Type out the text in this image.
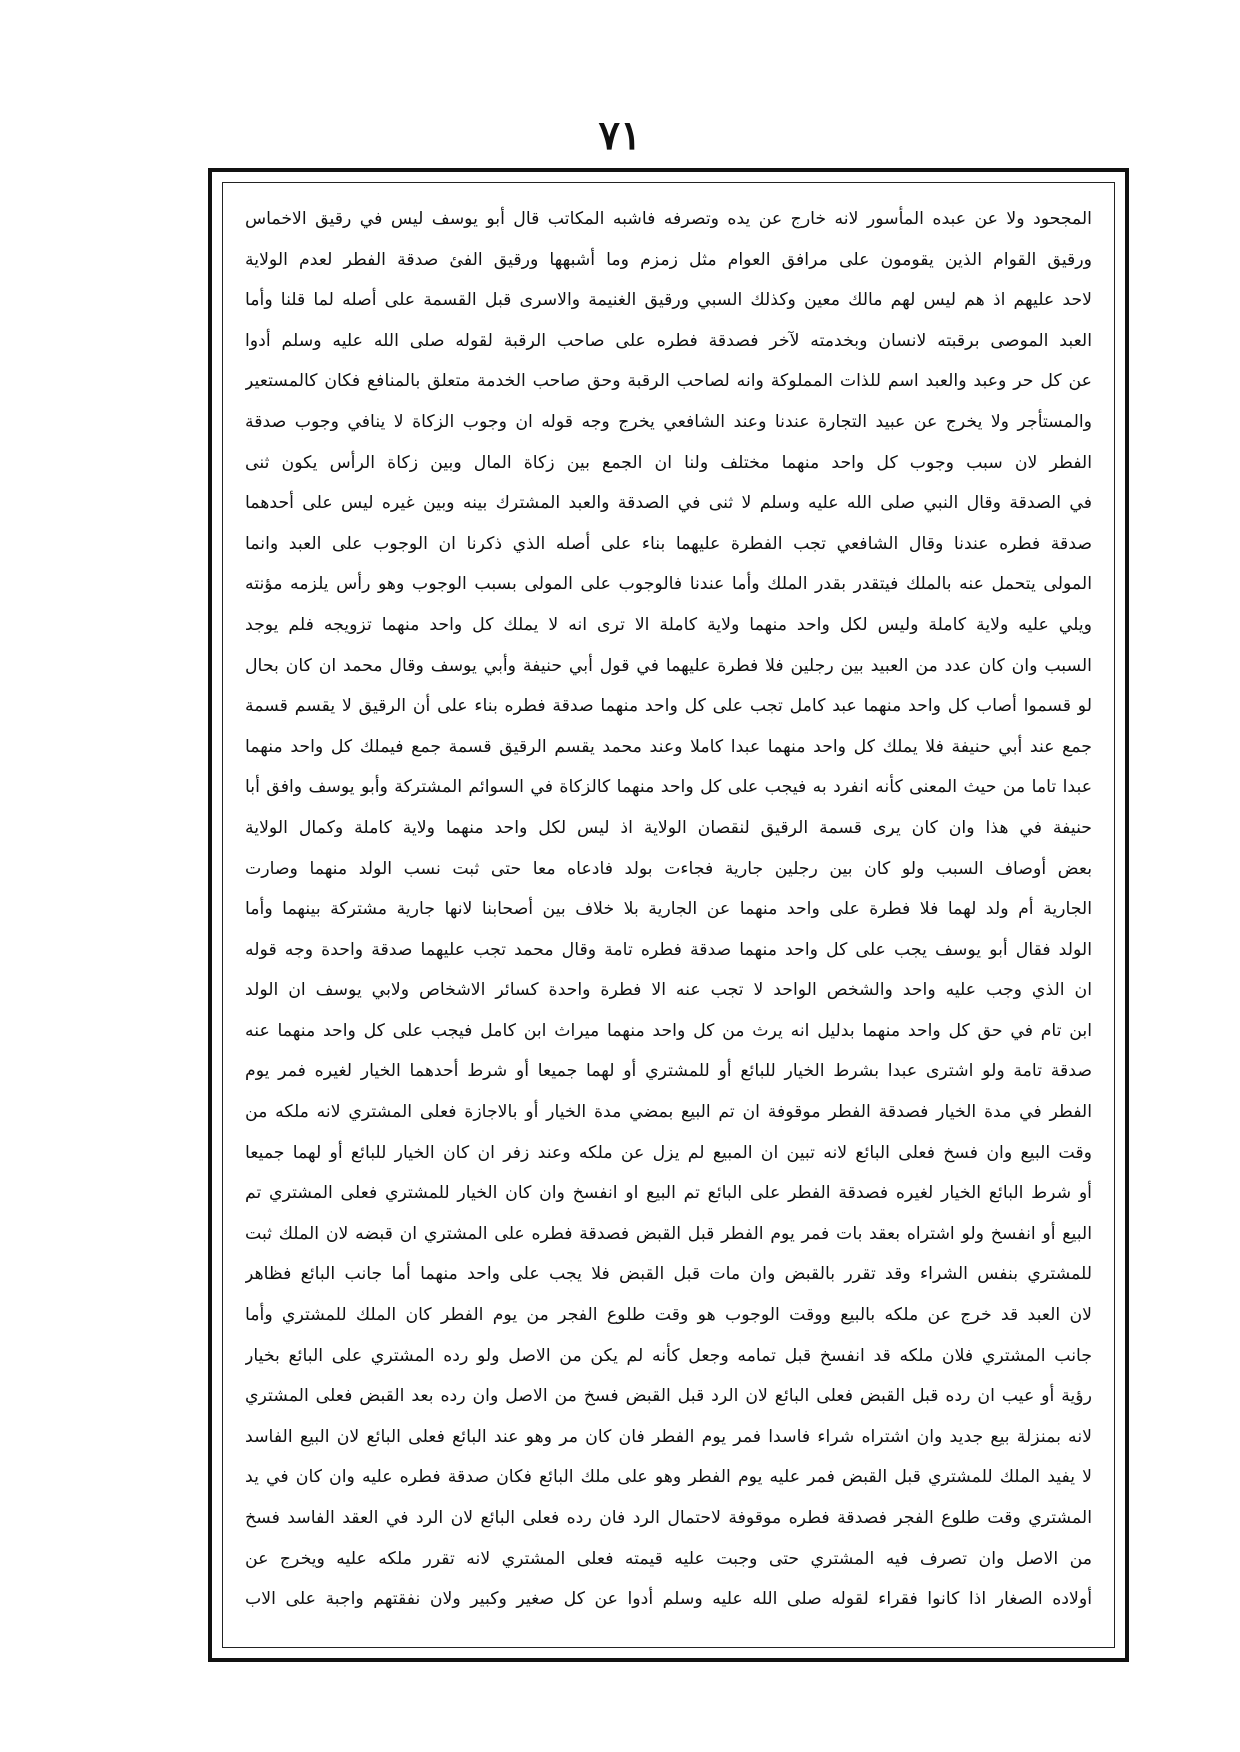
٧١
المجحود ولا عن عبده المأسور لانه خارج عن يده وتصرفه فاشبه المكاتب قال أبو يوسف ليس في رقيق الاخماس
ورقيق القوام الذين يقومون على مرافق العوام مثل زمزم وما أشبهها ورقيق الفئ صدقة الفطر لعدم الولاية
لاحد عليهم اذ هم ليس لهم مالك معين وكذلك السبي ورقيق الغنيمة والاسرى قبل القسمة على أصله لما قلنا وأما
العبد الموصى برقبته لانسان وبخدمته لآخر فصدقة فطره على صاحب الرقبة لقوله صلى الله عليه وسلم أدوا
عن كل حر وعبد والعبد اسم للذات المملوكة وانه لصاحب الرقبة وحق صاحب الخدمة متعلق بالمنافع فكان كالمستعير
والمستأجر ولا يخرج عن عبيد التجارة عندنا وعند الشافعي يخرج وجه قوله ان وجوب الزكاة لا ينافي وجوب صدقة
الفطر لان سبب وجوب كل واحد منهما مختلف ولنا ان الجمع بين زكاة المال وبين زكاة الرأس يكون ثنى
في الصدقة وقال النبي صلى الله عليه وسلم لا ثنى في الصدقة والعبد المشترك بينه وبين غيره ليس على أحدهما
صدقة فطره عندنا وقال الشافعي تجب الفطرة عليهما بناء على أصله الذي ذكرنا ان الوجوب على العبد وانما
المولى يتحمل عنه بالملك فيتقدر بقدر الملك وأما عندنا فالوجوب على المولى بسبب الوجوب وهو رأس يلزمه مؤنته
ويلي عليه ولاية كاملة وليس لكل واحد منهما ولاية كاملة الا ترى انه لا يملك كل واحد منهما تزويجه فلم يوجد
السبب وان كان عدد من العبيد بين رجلين فلا فطرة عليهما في قول أبي حنيفة وأبي يوسف وقال محمد ان كان بحال
لو قسموا أصاب كل واحد منهما عبد كامل تجب على كل واحد منهما صدقة فطره بناء على أن الرقيق لا يقسم قسمة
جمع عند أبي حنيفة فلا يملك كل واحد منهما عبدا كاملا وعند محمد يقسم الرقيق قسمة جمع فيملك كل واحد منهما
عبدا تاما من حيث المعنى كأنه انفرد به فيجب على كل واحد منهما كالزكاة في السوائم المشتركة وأبو يوسف وافق أبا
حنيفة في هذا وان كان يرى قسمة الرقيق لنقصان الولاية اذ ليس لكل واحد منهما ولاية كاملة وكمال الولاية
بعض أوصاف السبب ولو كان بين رجلين جارية فجاءت بولد فادعاه معا حتى ثبت نسب الولد منهما وصارت
الجارية أم ولد لهما فلا فطرة على واحد منهما عن الجارية بلا خلاف بين أصحابنا لانها جارية مشتركة بينهما وأما
الولد فقال أبو يوسف يجب على كل واحد منهما صدقة فطره تامة وقال محمد تجب عليهما صدقة واحدة وجه قوله
ان الذي وجب عليه واحد والشخص الواحد لا تجب عنه الا فطرة واحدة كسائر الاشخاص ولابي يوسف ان الولد
ابن تام في حق كل واحد منهما بدليل انه يرث من كل واحد منهما ميراث ابن كامل فيجب على كل واحد منهما عنه
صدقة تامة ولو اشترى عبدا بشرط الخيار للبائع أو للمشتري أو لهما جميعا أو شرط أحدهما الخيار لغيره فمر يوم
الفطر في مدة الخيار فصدقة الفطر موقوفة ان تم البيع بمضي مدة الخيار أو بالاجازة فعلى المشتري لانه ملكه من
وقت البيع وان فسخ فعلى البائع لانه تبين ان المبيع لم يزل عن ملكه وعند زفر ان كان الخيار للبائع أو لهما جميعا
أو شرط البائع الخيار لغيره فصدقة الفطر على البائع تم البيع او انفسخ وان كان الخيار للمشتري فعلى المشتري تم
البيع أو انفسخ ولو اشتراه بعقد بات فمر يوم الفطر قبل القبض فصدقة فطره على المشتري ان قبضه لان الملك ثبت
للمشتري بنفس الشراء وقد تقرر بالقبض وان مات قبل القبض فلا يجب على واحد منهما أما جانب البائع فظاهر
لان العبد قد خرج عن ملكه بالبيع ووقت الوجوب هو وقت طلوع الفجر من يوم الفطر كان الملك للمشتري وأما
جانب المشتري فلان ملكه قد انفسخ قبل تمامه وجعل كأنه لم يكن من الاصل ولو رده المشتري على البائع بخيار
رؤية أو عيب ان رده قبل القبض فعلى البائع لان الرد قبل القبض فسخ من الاصل وان رده بعد القبض فعلى المشتري
لانه بمنزلة بيع جديد وان اشتراه شراء فاسدا فمر يوم الفطر فان كان مر وهو عند البائع فعلى البائع لان البيع الفاسد
لا يفيد الملك للمشتري قبل القبض فمر عليه يوم الفطر وهو على ملك البائع فكان صدقة فطره عليه وان كان في يد
المشتري وقت طلوع الفجر فصدقة فطره موقوفة لاحتمال الرد فان رده فعلى البائع لان الرد في العقد الفاسد فسخ
من الاصل وان تصرف فيه المشتري حتى وجبت عليه قيمته فعلى المشتري لانه تقرر ملكه عليه ويخرج عن
أولاده الصغار اذا كانوا فقراء لقوله صلى الله عليه وسلم أدوا عن كل صغير وكبير ولان نفقتهم واجبة على الاب
